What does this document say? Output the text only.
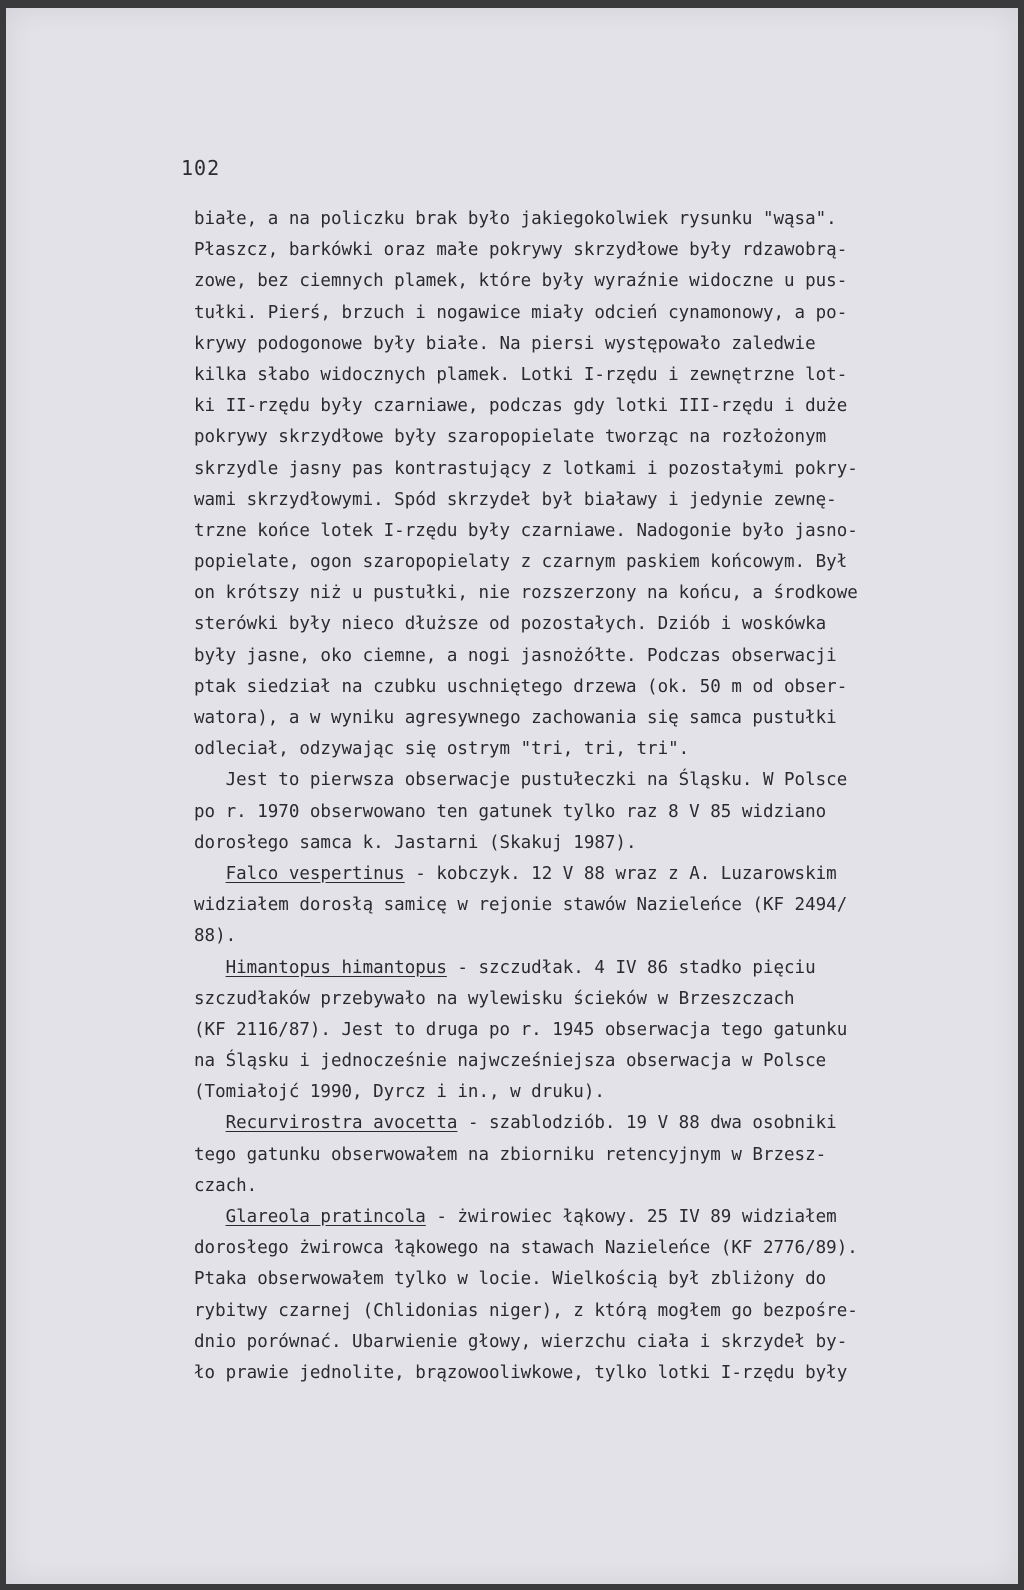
102
białe, a na policzku brak było jakiegokolwiek rysunku "wąsa".
Płaszcz, barkówki oraz małe pokrywy skrzydłowe były rdzawobrą-
zowe, bez ciemnych plamek, które były wyraźnie widoczne u pus-
tułki. Pierś, brzuch i nogawice miały odcień cynamonowy, a po-
krywy podogonowe były białe. Na piersi występowało zaledwie
kilka słabo widocznych plamek. Lotki I-rzędu i zewnętrzne lot-
ki II-rzędu były czarniawe, podczas gdy lotki III-rzędu i duże
pokrywy skrzydłowe były szaropopielate tworząc na rozłożonym
skrzydle jasny pas kontrastujący z lotkami i pozostałymi pokry-
wami skrzydłowymi. Spód skrzydeł był białawy i jedynie zewnę-
trzne końce lotek I-rzędu były czarniawe. Nadogonie było jasno-
popielate, ogon szaropopielaty z czarnym paskiem końcowym. Był
on krótszy niż u pustułki, nie rozszerzony na końcu, a środkowe
sterówki były nieco dłuższe od pozostałych. Dziób i woskówka
były jasne, oko ciemne, a nogi jasnożółte. Podczas obserwacji
ptak siedział na czubku uschniętego drzewa (ok. 50 m od obser-
watora), a w wyniku agresywnego zachowania się samca pustułki
odleciał, odzywając się ostrym "tri, tri, tri".
Jest to pierwsza obserwacje pustułeczki na Śląsku. W Polsce
po r. 1970 obserwowano ten gatunek tylko raz 8 V 85 widziano
dorosłego samca k. Jastarni (Skakuj 1987).

Falco vespertinus - kobczyk. 12 V 88 wraz z A. Luzarowskim
widziałem dorosłą samicę w rejonie stawów Nazieleńce (KF 2494/
88).

Himantopus himantopus - szczudłak. 4 IV 86 stadko pięciu
szczudłaków przebywało na wylewisku ścieków w Brzeszczach
(KF 2116/87). Jest to druga po r. 1945 obserwacja tego gatunku
na Śląsku i jednocześnie najwcześniejsza obserwacja w Polsce
(Tomiałojć 1990, Dyrcz i in., w druku).

Recurvirostra avocetta - szablodziób. 19 V 88 dwa osobniki
tego gatunku obserwowałem na zbiorniku retencyjnym w Brzesz-
czach.

Glareola pratincola - żwirowiec łąkowy. 25 IV 89 widziałem
dorosłego żwirowca łąkowego na stawach Nazieleńce (KF 2776/89).
Ptaka obserwowałem tylko w locie. Wielkością był zbliżony do
rybitwy czarnej (Chlidonias niger), z którą mogłem go bezpośre-
dnio porównać. Ubarwienie głowy, wierzchu ciała i skrzydeł by-
ło prawie jednolite, brązowooliwkowe, tylko lotki I-rzędu były
